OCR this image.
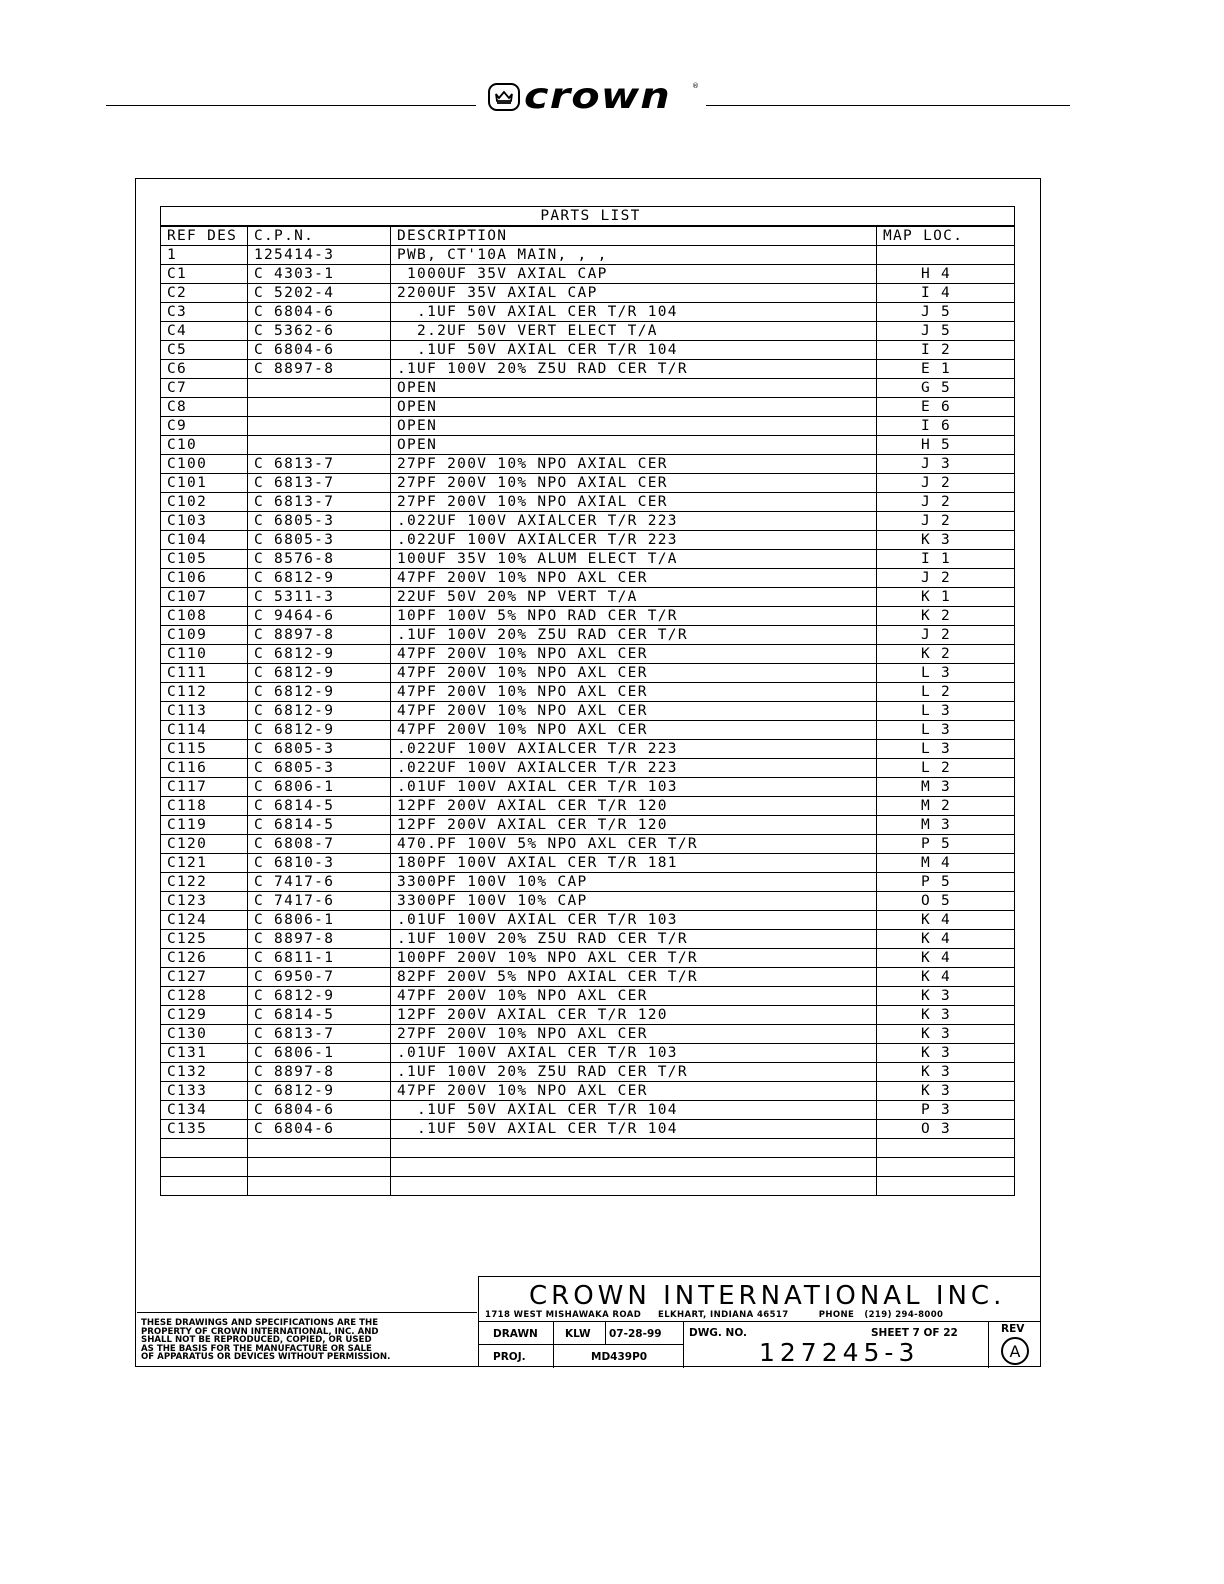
crown	®
PARTS LIST			
REF DES	C.P.N.	DESCRIPTION	MAP LOC.
1	125414-3	PWB, CT'10A MAIN, , ,	
C1	C 4303-1	1000UF 35V AXIAL CAP	H 4
C2	C 5202-4	2200UF 35V AXIAL CAP	I 4
C3	C 6804-6	.1UF 50V AXIAL CER T/R 104	J 5
C4	C 5362-6	2.2UF 50V VERT ELECT T/A	J 5
C5	C 6804-6	.1UF 50V AXIAL CER T/R 104	I 2
C6	C 8897-8	.1UF 100V 20% Z5U RAD CER T/R	E 1
C7		OPEN	G 5
C8		OPEN	E 6
C9		OPEN	I 6
C10		OPEN	H 5
C100	C 6813-7	27PF 200V 10% NPO AXIAL CER	J 3
C101	C 6813-7	27PF 200V 10% NPO AXIAL CER	J 2
C102	C 6813-7	27PF 200V 10% NPO AXIAL CER	J 2
C103	C 6805-3	.022UF 100V AXIALCER T/R 223	J 2
C104	C 6805-3	.022UF 100V AXIALCER T/R 223	K 3
C105	C 8576-8	100UF 35V 10% ALUM ELECT T/A	I 1
C106	C 6812-9	47PF 200V 10% NPO AXL CER	J 2
C107	C 5311-3	22UF 50V 20% NP VERT T/A	K 1
C108	C 9464-6	10PF 100V 5% NPO RAD CER T/R	K 2
C109	C 8897-8	.1UF 100V 20% Z5U RAD CER T/R	J 2
C110	C 6812-9	47PF 200V 10% NPO AXL CER	K 2
C111	C 6812-9	47PF 200V 10% NPO AXL CER	L 3
C112	C 6812-9	47PF 200V 10% NPO AXL CER	L 2
C113	C 6812-9	47PF 200V 10% NPO AXL CER	L 3
C114	C 6812-9	47PF 200V 10% NPO AXL CER	L 3
C115	C 6805-3	.022UF 100V AXIALCER T/R 223	L 3
C116	C 6805-3	.022UF 100V AXIALCER T/R 223	L 2
C117	C 6806-1	.01UF 100V AXIAL CER T/R 103	M 3
C118	C 6814-5	12PF 200V AXIAL CER T/R 120	M 2
C119	C 6814-5	12PF 200V AXIAL CER T/R 120	M 3
C120	C 6808-7	470.PF 100V 5% NPO AXL CER T/R	P 5
C121	C 6810-3	180PF 100V AXIAL CER T/R 181	M 4
C122	C 7417-6	3300PF 100V 10% CAP	P 5
C123	C 7417-6	3300PF 100V 10% CAP	O 5
C124	C 6806-1	.01UF 100V AXIAL CER T/R 103	K 4
C125	C 8897-8	.1UF 100V 20% Z5U RAD CER T/R	K 4
C126	C 6811-1	100PF 200V 10% NPO AXL CER T/R	K 4
C127	C 6950-7	82PF 200V 5% NPO AXIAL CER T/R	K 4
C128	C 6812-9	47PF 200V 10% NPO AXL CER	K 3
C129	C 6814-5	12PF 200V AXIAL CER T/R 120	K 3
C130	C 6813-7	27PF 200V 10% NPO AXL CER	K 3
C131	C 6806-1	.01UF 100V AXIAL CER T/R 103	K 3
C132	C 8897-8	.1UF 100V 20% Z5U RAD CER T/R	K 3
C133	C 6812-9	47PF 200V 10% NPO AXL CER	K 3
C134	C 6804-6	.1UF 50V AXIAL CER T/R 104	P 3
C135	C 6804-6	.1UF 50V AXIAL CER T/R 104	O 3

CROWN INTERNATIONAL INC.
1718 WEST MISHAWAKA ROAD     ELKHART, INDIANA 46517         PHONE   (219) 294-8000
THESE DRAWINGS AND SPECIFICATIONS ARE THE
PROPERTY OF CROWN INTERNATIONAL, INC. AND
SHALL NOT BE REPRODUCED, COPIED, OR USED
AS THE BASIS FOR THE MANUFACTURE OR SALE
OF APPARATUS OR DEVICES WITHOUT PERMISSION.
DRAWN	KLW 07-28-99	DWG. NO.	SHEET 7 OF 22	REV
A
PROJ.	MD439P0	127245-3
